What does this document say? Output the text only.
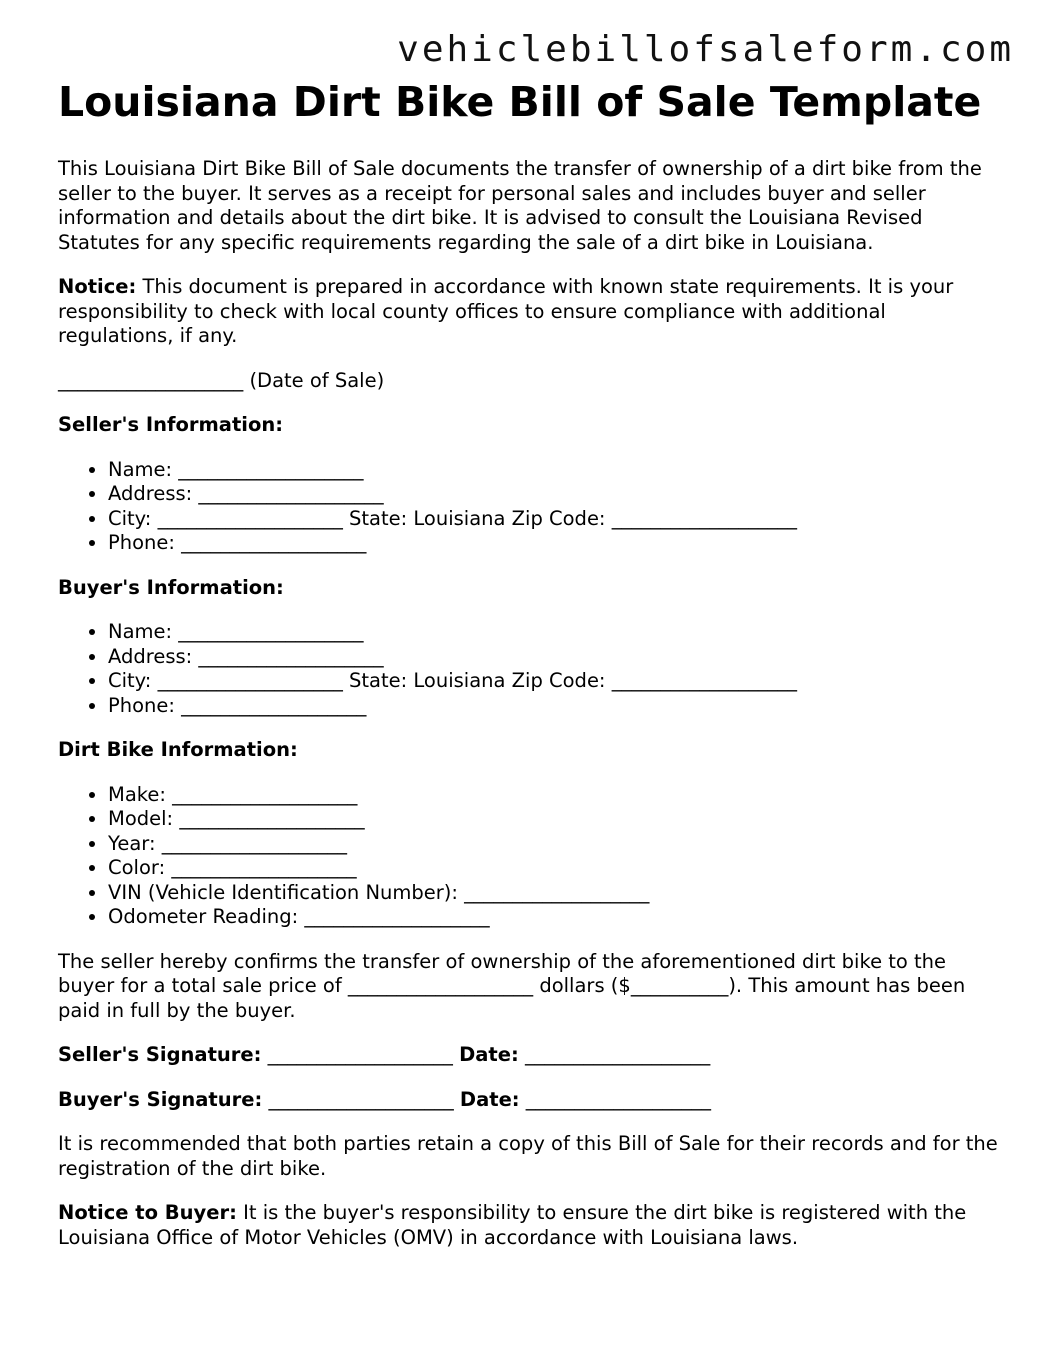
vehiclebillofsaleform.com
Louisiana Dirt Bike Bill of Sale Template

This Louisiana Dirt Bike Bill of Sale documents the transfer of ownership of a dirt bike from the seller to the buyer. It serves as a receipt for personal sales and includes buyer and seller information and details about the dirt bike. It is advised to consult the Louisiana Revised Statutes for any specific requirements regarding the sale of a dirt bike in Louisiana.

Notice: This document is prepared in accordance with known state requirements. It is your responsibility to check with local county offices to ensure compliance with additional regulations, if any.

___________________ (Date of Sale)

Seller's Information:

• Name: ___________________
• Address: ___________________
• City: ___________________ State: Louisiana Zip Code: ___________________
• Phone: ___________________

Buyer's Information:

• Name: ___________________
• Address: ___________________
• City: ___________________ State: Louisiana Zip Code: ___________________
• Phone: ___________________

Dirt Bike Information:

• Make: ___________________
• Model: ___________________
• Year: ___________________
• Color: ___________________
• VIN (Vehicle Identification Number): ___________________
• Odometer Reading: ___________________

The seller hereby confirms the transfer of ownership of the aforementioned dirt bike to the buyer for a total sale price of ___________________ dollars ($__________). This amount has been paid in full by the buyer.

Seller's Signature: ___________________ Date: ___________________

Buyer's Signature: ___________________ Date: ___________________

It is recommended that both parties retain a copy of this Bill of Sale for their records and for the registration of the dirt bike.

Notice to Buyer: It is the buyer's responsibility to ensure the dirt bike is registered with the Louisiana Office of Motor Vehicles (OMV) in accordance with Louisiana laws.
